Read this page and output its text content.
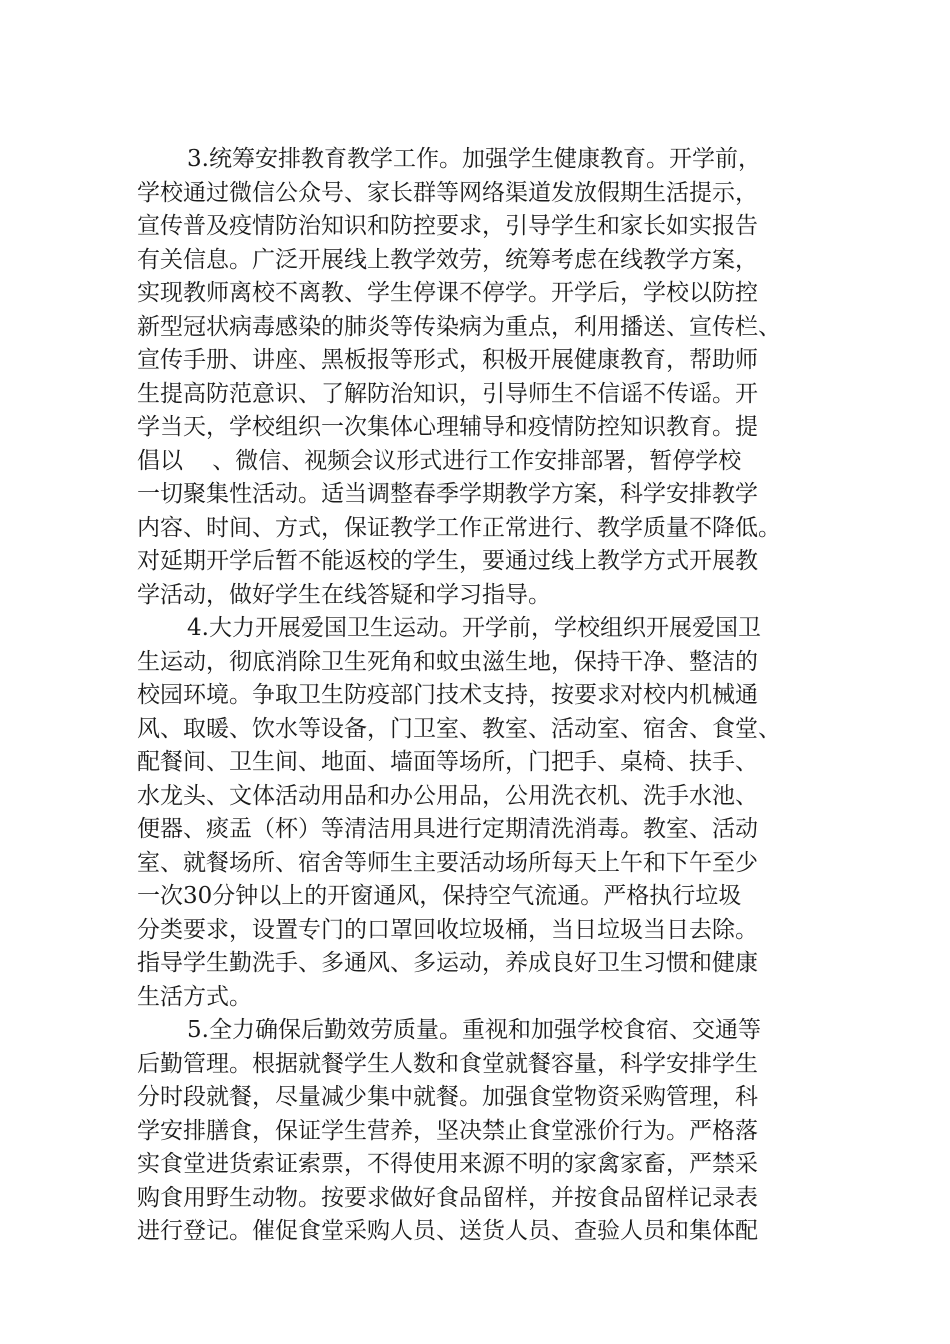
3.统筹安排教育教学工作。加强学生健康教育。开学前，
学校通过微信公众号、家长群等网络渠道发放假期生活提示，
宣传普及疫情防治知识和防控要求，引导学生和家长如实报告
有关信息。广泛开展线上教学效劳，统筹考虑在线教学方案，
实现教师离校不离教、学生停课不停学。开学后，学校以防控
新型冠状病毒感染的肺炎等传染病为重点，利用播送、宣传栏、
宣传手册、讲座、黑板报等形式，积极开展健康教育，帮助师
生提高防范意识、了解防治知识，引导师生不信谣不传谣。开
学当天，学校组织一次集体心理辅导和疫情防控知识教育。提
倡以    、微信、视频会议形式进行工作安排部署，暂停学校
一切聚集性活动。适当调整春季学期教学方案，科学安排教学
内容、时间、方式，保证教学工作正常进行、教学质量不降低。
对延期开学后暂不能返校的学生，要通过线上教学方式开展教
学活动，做好学生在线答疑和学习指导。
4.大力开展爱国卫生运动。开学前，学校组织开展爱国卫
生运动，彻底消除卫生死角和蚊虫滋生地，保持干净、整洁的
校园环境。争取卫生防疫部门技术支持，按要求对校内机械通
风、取暖、饮水等设备，门卫室、教室、活动室、宿舍、食堂、
配餐间、卫生间、地面、墙面等场所，门把手、桌椅、扶手、
水龙头、文体活动用品和办公用品，公用洗衣机、洗手水池、
便器、痰盂（杯）等清洁用具进行定期清洗消毒。教室、活动
室、就餐场所、宿舍等师生主要活动场所每天上午和下午至少
一次30分钟以上的开窗通风，保持空气流通。严格执行垃圾
分类要求，设置专门的口罩回收垃圾桶，当日垃圾当日去除。
指导学生勤洗手、多通风、多运动，养成良好卫生习惯和健康
生活方式。
5.全力确保后勤效劳质量。重视和加强学校食宿、交通等
后勤管理。根据就餐学生人数和食堂就餐容量，科学安排学生
分时段就餐，尽量减少集中就餐。加强食堂物资采购管理，科
学安排膳食，保证学生营养，坚决禁止食堂涨价行为。严格落
实食堂进货索证索票，不得使用来源不明的家禽家畜，严禁采
购食用野生动物。按要求做好食品留样，并按食品留样记录表
进行登记。催促食堂采购人员、送货人员、查验人员和集体配
